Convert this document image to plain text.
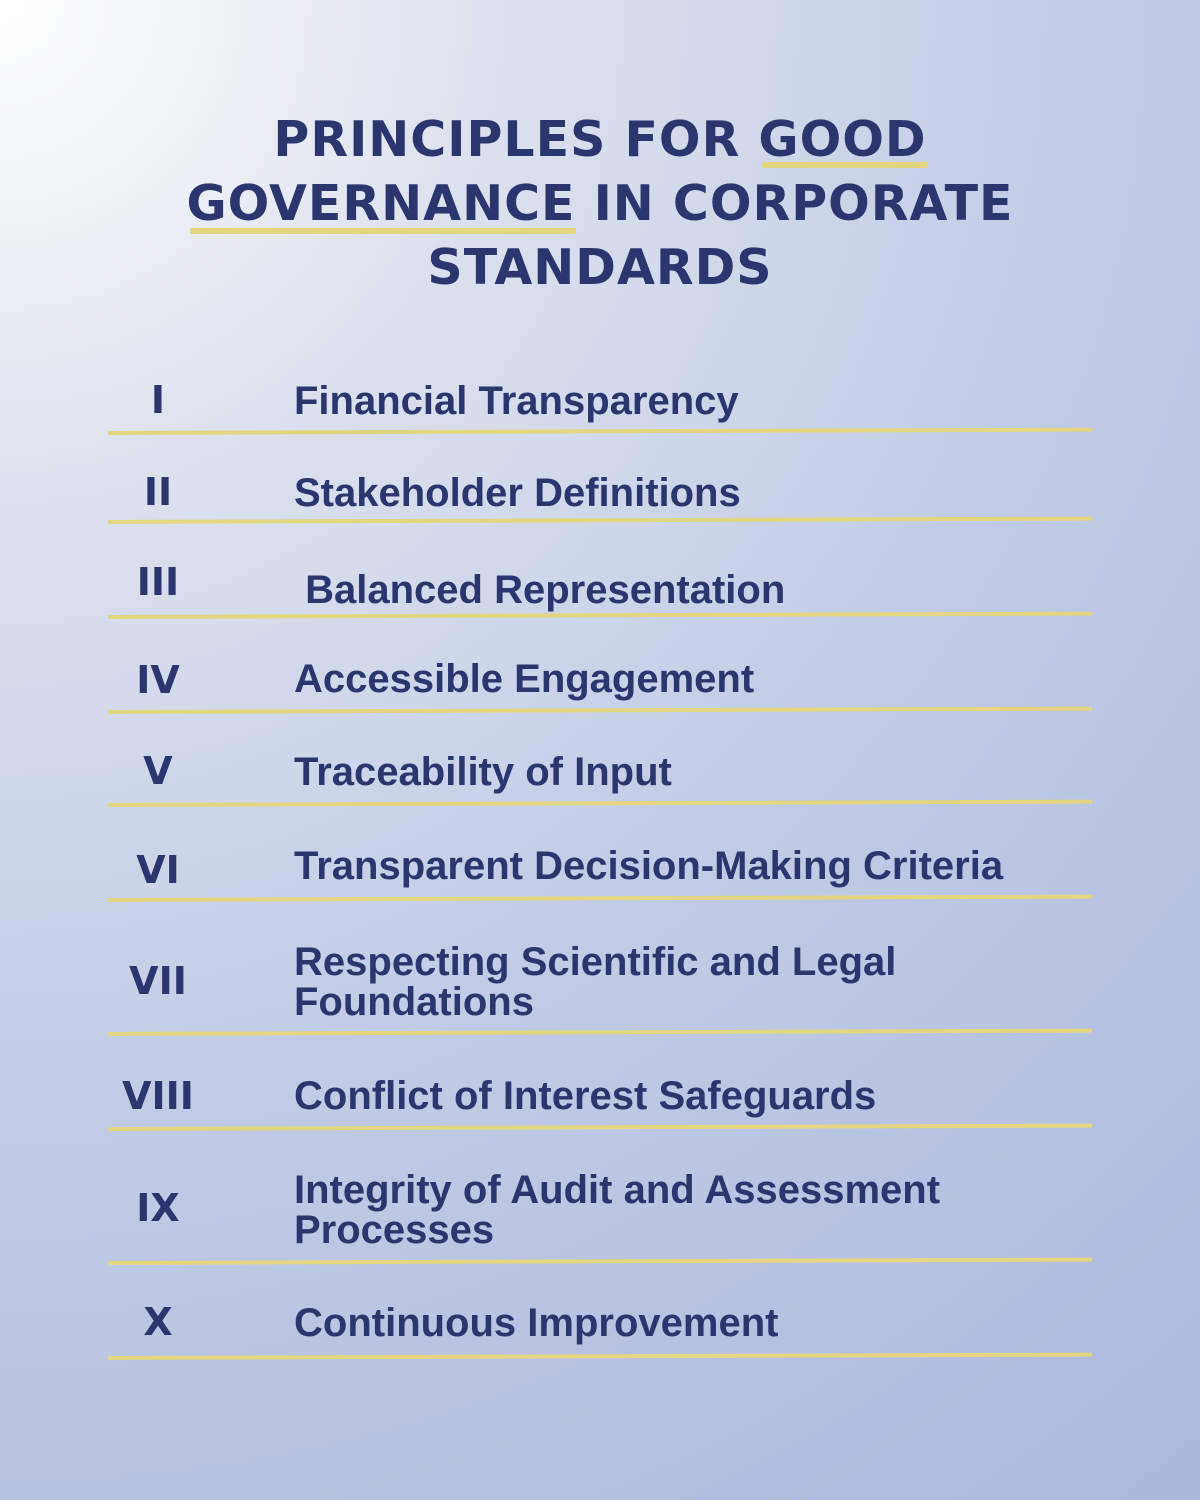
PRINCIPLES FOR GOOD
GOVERNANCE IN CORPORATE
STANDARDS
I	Financial Transparency
II	Stakeholder Definitions
III	Balanced Representation
IV	Accessible Engagement
V	Traceability of Input
VI	Transparent Decision-Making Criteria
VII	Respecting Scientific and Legal Foundations
VIII	Conflict of Interest Safeguards
IX	Integrity of Audit and Assessment Processes
X	Continuous Improvement
